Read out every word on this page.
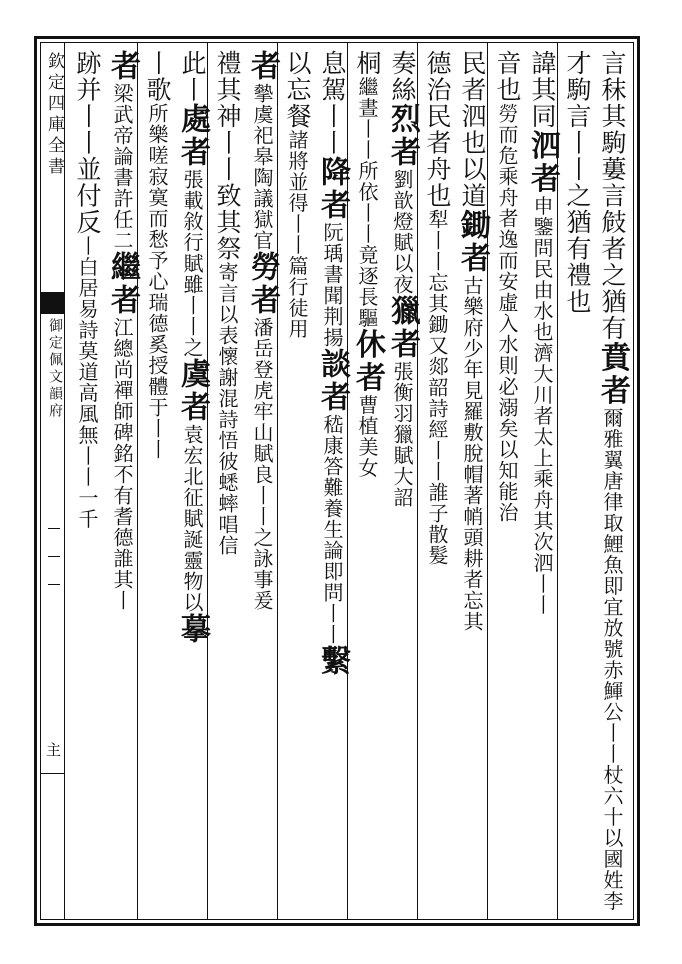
欽定四庫全書
御定佩文韻府
主
言秣其駒蔞言㩻者之猶有賁者爾雅翼唐律取鯉魚即宜放號赤鯶公丨丨杖六十以國姓李
才駒言丨丨之猶有禮也
諱其同泗者申鑒問民由水也濟大川者太上乘舟其次泗丨丨
音也勞而危乘舟者逸而安虛入水則必溺矣以知能治
民者泗也以道鋤者古樂府少年見羅敷脫帽著帩頭耕者忘其
德治民者舟也犁丨丨忘其鋤又郯韶詩經丨丨誰子散髮
奏絲烈者劉歆燈賦以夜獵者張衡羽獵賦大詔
桐繼晝丨丨所依丨丨竟逐長驅休者曹植美女
息駕丨丨降者阮瑀書聞荆揚談者嵇康答難養生論即問丨丨繫
以忘餐諸將並得丨丨篇行徒用
者摰虞祀皋陶議獄官勞者潘岳登虎牢山賦良丨丨之詠事爰
禮其神丨丨致其祭寄言以表懷謝混詩悟彼蟋蟀唱信
此丨處者張載敘行賦雖丨丨之虞者袁宏北征賦誕靈物以摹
丨歌所樂嗟寂寞而愁予心瑞德奚授體于丨丨
者梁武帝論書許任二繼者江總尚禪師碑銘不有耆德誰其丨
跡并丨丨並付反丨白居易詩莫道高風無丨丨一千
